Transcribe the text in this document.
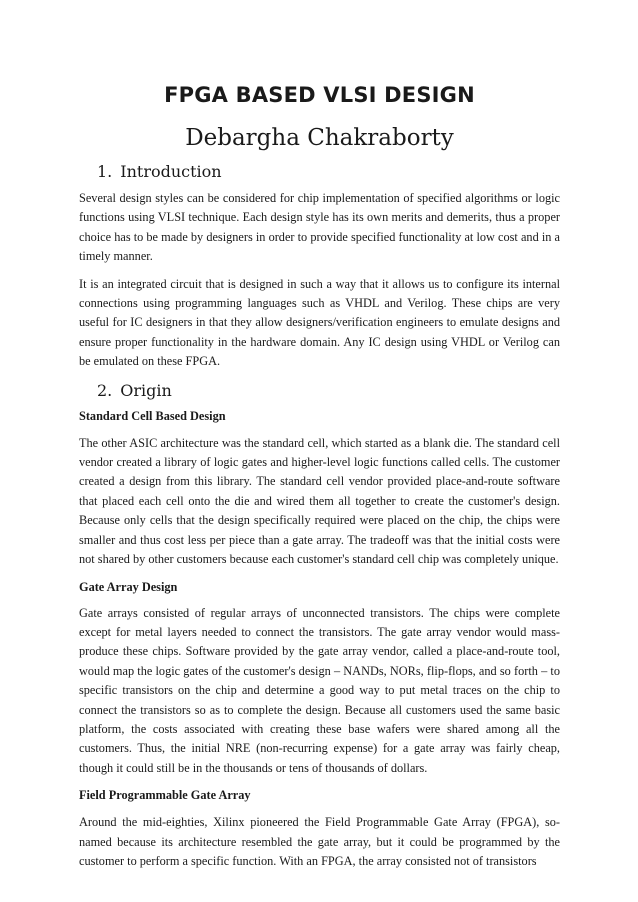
FPGA BASED VLSI DESIGN
Debargha Chakraborty
1. Introduction

Several design styles can be considered for chip implementation of specified algorithms or logic functions using VLSI technique. Each design style has its own merits and demerits, thus a proper choice has to be made by designers in order to provide specified functionality at low cost and in a timely manner.

It is an integrated circuit that is designed in such a way that it allows us to configure its internal connections using programming languages such as VHDL and Verilog. These chips are very useful for IC designers in that they allow designers/verification engineers to emulate designs and ensure proper functionality in the hardware domain. Any IC design using VHDL or Verilog can be emulated on these FPGA.

2. Origin
Standard Cell Based Design

The other ASIC architecture was the standard cell, which started as a blank die. The standard cell vendor created a library of logic gates and higher-level logic functions called cells. The customer created a design from this library. The standard cell vendor provided place-and-route software that placed each cell onto the die and wired them all together to create the customer's design. Because only cells that the design specifically required were placed on the chip, the chips were smaller and thus cost less per piece than a gate array. The tradeoff was that the initial costs were not shared by other customers because each customer's standard cell chip was completely unique.

Gate Array Design

Gate arrays consisted of regular arrays of unconnected transistors. The chips were complete except for metal layers needed to connect the transistors. The gate array vendor would mass-produce these chips. Software provided by the gate array vendor, called a place-and-route tool, would map the logic gates of the customer's design – NANDs, NORs, flip-flops, and so forth – to specific transistors on the chip and determine a good way to put metal traces on the chip to connect the transistors so as to complete the design. Because all customers used the same basic platform, the costs associated with creating these base wafers were shared among all the customers. Thus, the initial NRE (non-recurring expense) for a gate array was fairly cheap, though it could still be in the thousands or tens of thousands of dollars.

Field Programmable Gate Array

Around the mid-eighties, Xilinx pioneered the Field Programmable Gate Array (FPGA), so-named because its architecture resembled the gate array, but it could be programmed by the customer to perform a specific function. With an FPGA, the array consisted not of transistors
